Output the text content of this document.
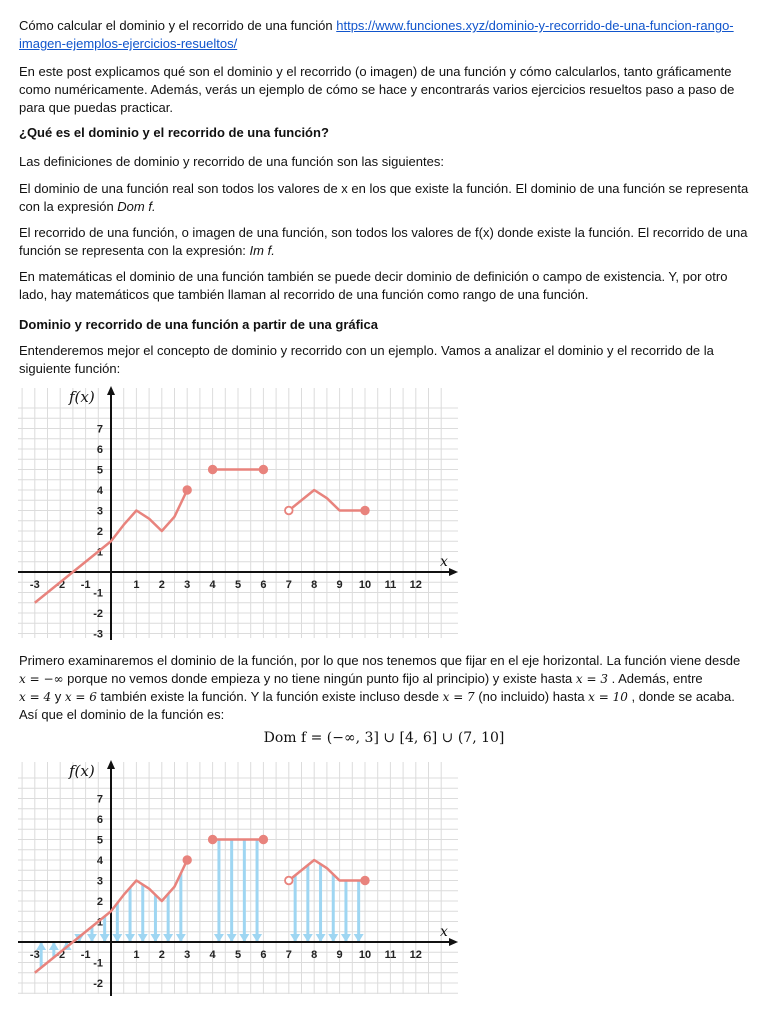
Cómo calcular el dominio y el recorrido de una función https://www.funciones.xyz/dominio-y-recorrido-de-una-funcion-rango-imagen-ejemplos-ejercicios-resueltos/

En este post explicamos qué son el dominio y el recorrido (o imagen) de una función y cómo calcularlos, tanto gráficamente como numéricamente. Además, verás un ejemplo de cómo se hace y encontrarás varios ejercicios resueltos paso a paso de para que puedas practicar.

¿Qué es el dominio y el recorrido de una función?

Las definiciones de dominio y recorrido de una función son las siguientes:

El dominio de una función real son todos los valores de x en los que existe la función. El dominio de una función se representa con la expresión Dom f.

El recorrido de una función, o imagen de una función, son todos los valores de f(x) donde existe la función. El recorrido de una función se representa con la expresión: Im f.

En matemáticas el dominio de una función también se puede decir dominio de definición o campo de existencia. Y, por otro lado, hay matemáticos que también llaman al recorrido de una función como rango de una función.

Dominio y recorrido de una función a partir de una gráfica

Entenderemos mejor el concepto de dominio y recorrido con un ejemplo. Vamos a analizar el dominio y el recorrido de la siguiente función:

-3 -2 -1	1 2 3 4 5 6 7 8 9 10 11 12
7
6
5
4
3
2
1
-1
-2
-3
f(x)
x

Primero examinaremos el dominio de la función, por lo que nos tenemos que fijar en el eje horizontal. La función viene desde
x = −∞ porque no vemos donde empieza y no tiene ningún punto fijo al principio) y existe hasta x = 3 . Además, entre
x = 4 y x = 6 también existe la función. Y la función existe incluso desde x = 7 (no incluido) hasta x = 10 , donde se acaba.
Así que el dominio de la función es:

Dom f = (−∞, 3] ∪ [4, 6] ∪ (7, 10]
-3 -2 -1	1 2 3 4 5 6 7 8 9 10 11 12
7
6
5
4
3
2
1
-1
-2
f(x)
x
